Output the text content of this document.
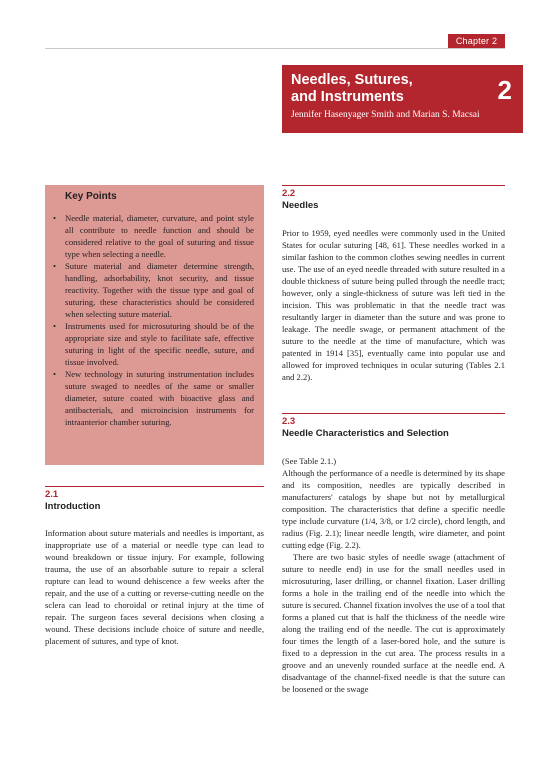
Chapter 2
Needles, Sutures,
and Instruments	2
Jennifer Hasenyager Smith and Marian S. Macsai
Key Points
• Needle material, diameter, curvature, and point style all contribute to needle function and should be considered relative to the goal of suturing and tissue type when selecting a needle.
• Suture material and diameter determine strength, handling, adsorbability, knot security, and tissue reactivity. Together with the tissue type and goal of suturing, these characteristics should be considered when selecting suture material.
• Instruments used for microsuturing should be of the appropriate size and style to facilitate safe, effective suturing in light of the specific needle, suture, and tissue involved.
• New technology in suturing instrumentation includes suture swaged to needles of the same or smaller diameter, suture coated with bioactive glass and antibacterials, and microincision instruments for intraanterior chamber suturing.
2.1
Introduction

Information about suture materials and needles is important, as inappropriate use of a material or needle type can lead to wound breakdown or tissue injury. For example, following trauma, the use of an absorbable suture to repair a scleral rupture can lead to wound dehiscence a few weeks after the repair, and the use of a cutting or reverse-cutting needle on the sclera can lead to choroidal or retinal injury at the time of repair. The surgeon faces several decisions when closing a wound. These decisions include choice of suture and needle, placement of sutures, and type of knot.

2.2
Needles

Prior to 1959, eyed needles were commonly used in the United States for ocular suturing [48, 61]. These needles worked in a similar fashion to the common clothes sewing needles in current use. The use of an eyed needle threaded with suture resulted in a double thickness of suture being pulled through the needle tract; however, only a single-thickness of suture was left tied in the incision. This was problematic in that the needle tract was resultantly larger in diameter than the suture and was prone to leakage. The needle swage, or permanent attachment of the suture to the needle at the time of manufacture, which was patented in 1914 [35], eventually came into popular use and allowed for improved techniques in ocular suturing (Tables 2.1 and 2.2).

2.3
Needle Characteristics and Selection

(See Table 2.1.)

Although the performance of a needle is determined by its shape and its composition, needles are typically described in manufacturers' catalogs by shape but not by metallurgical composition. The characteristics that define a specific needle type include curvature (1/4, 3/8, or 1/2 circle), chord length, and radius (Fig. 2.1); linear needle length, wire diameter, and point cutting edge (Fig. 2.2).

There are two basic styles of needle swage (attachment of suture to needle end) in use for the small needles used in microsuturing, laser drilling, or channel fixation. Laser drilling forms a hole in the trailing end of the needle into which the suture is secured. Channel fixation involves the use of a tool that forms a planed cut that is half the thickness of the needle wire along the trailing end of the needle. The cut is approximately four times the length of a laser-bored hole, and the suture is fixed to a depression in the cut area. The process results in a groove and an unevenly rounded surface at the needle end. A disadvantage of the channel-fixed needle is that the suture can be loosened or the swage
